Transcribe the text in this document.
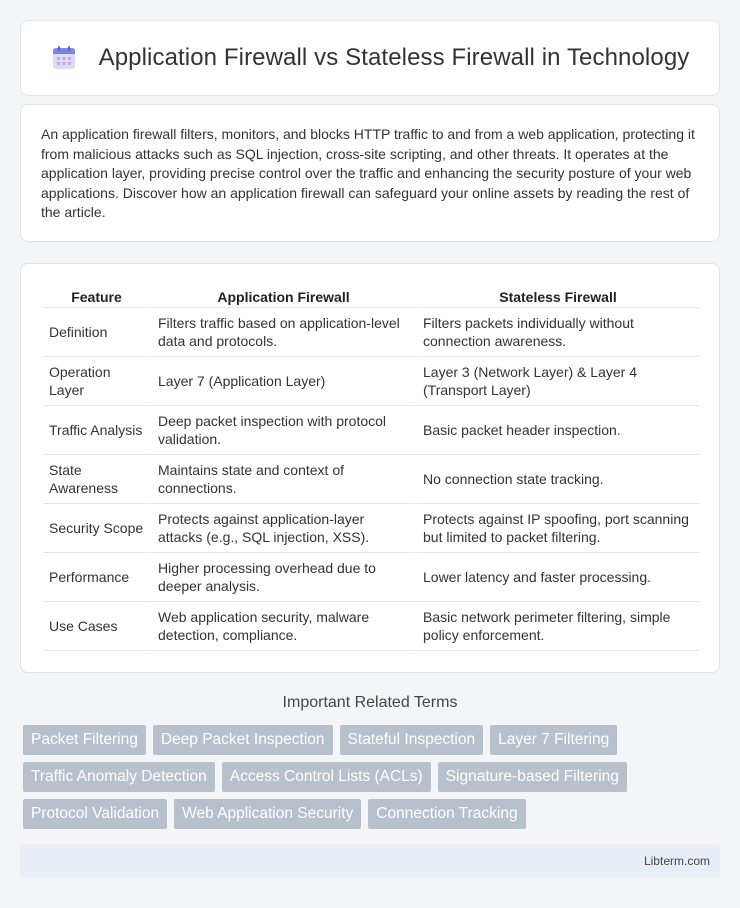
Application Firewall vs Stateless Firewall in Technology

An application firewall filters, monitors, and blocks HTTP traffic to and from a web application, protecting it from malicious attacks such as SQL injection, cross-site scripting, and other threats. It operates at the application layer, providing precise control over the traffic and enhancing the security posture of your web applications. Discover how an application firewall can safeguard your online assets by reading the rest of the article.

Feature	Application Firewall	Stateless Firewall
Definition	Filters traffic based on application-level data and protocols.	Filters packets individually without connection awareness.
Operation Layer	Layer 7 (Application Layer)	Layer 3 (Network Layer) & Layer 4 (Transport Layer)
Traffic Analysis	Deep packet inspection with protocol validation.	Basic packet header inspection.
State Awareness	Maintains state and context of connections.	No connection state tracking.
Security Scope	Protects against application-layer attacks (e.g., SQL injection, XSS).	Protects against IP spoofing, port scanning but limited to packet filtering.
Performance	Higher processing overhead due to deeper analysis.	Lower latency and faster processing.
Use Cases	Web application security, malware detection, compliance.	Basic network perimeter filtering, simple policy enforcement.
Important Related Terms
Packet Filtering	Deep Packet Inspection	Stateful Inspection	Layer 7 Filtering
Traffic Anomaly Detection	Access Control Lists (ACLs)	Signature-based Filtering
Protocol Validation	Web Application Security	Connection Tracking
Libterm.com
